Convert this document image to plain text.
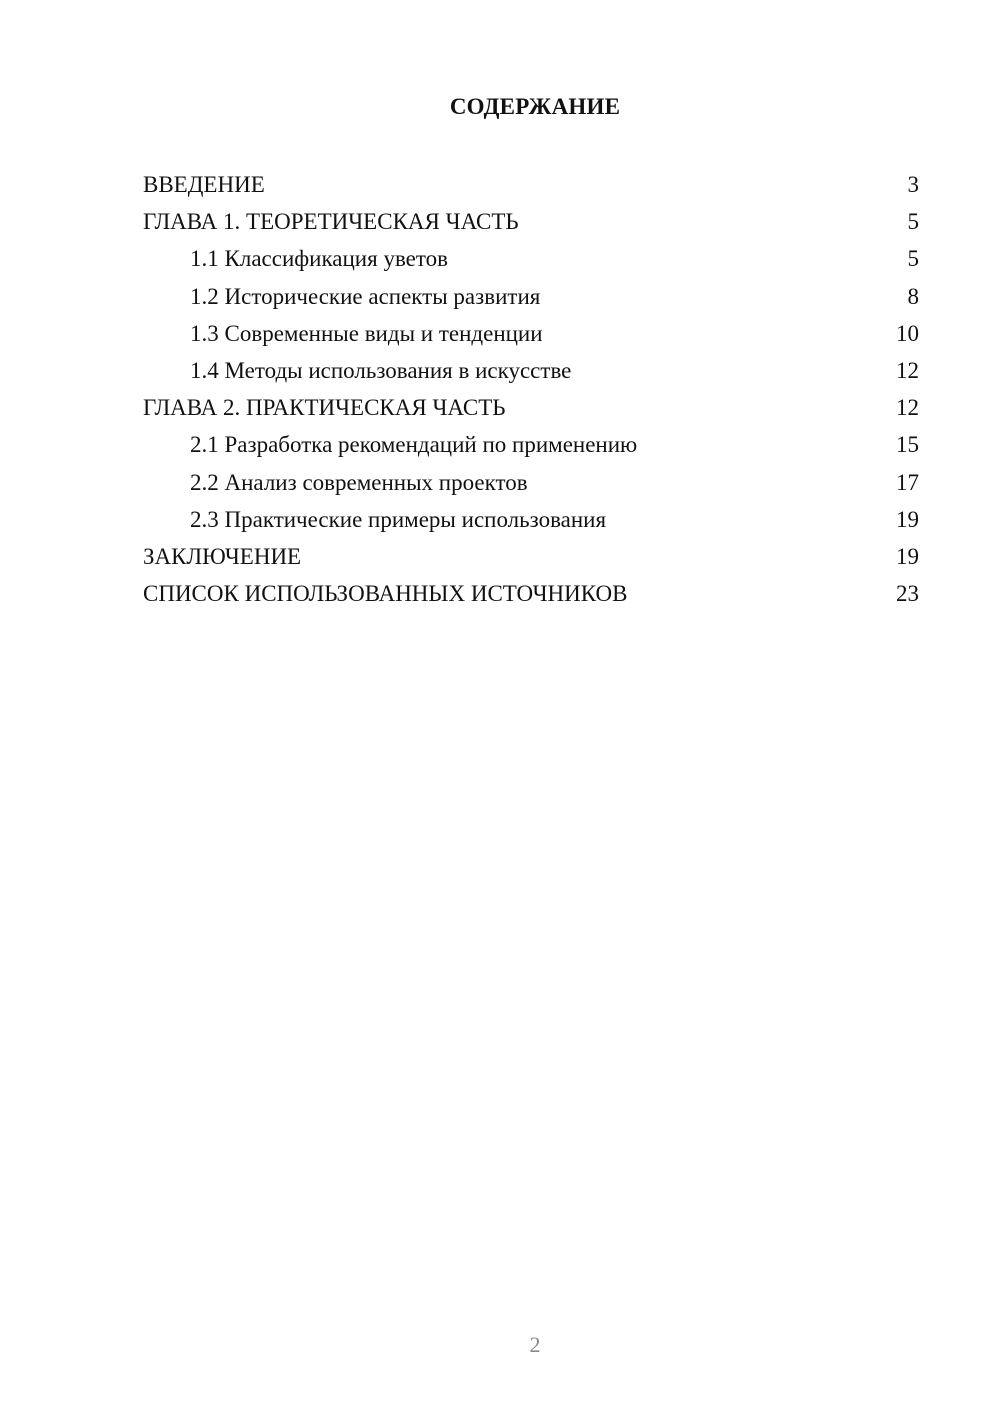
СОДЕРЖАНИЕ
ВВЕДЕНИЕ	3
ГЛАВА 1. ТЕОРЕТИЧЕСКАЯ ЧАСТЬ	5
1.1 Классификация уветов	5
1.2 Исторические аспекты развития	8
1.3 Современные виды и тенденции	10
1.4 Методы использования в искусстве	12
ГЛАВА 2. ПРАКТИЧЕСКАЯ ЧАСТЬ	12
2.1 Разработка рекомендаций по применению	15
2.2 Анализ современных проектов	17
2.3 Практические примеры использования	19
ЗАКЛЮЧЕНИЕ	19
СПИСОК ИСПОЛЬЗОВАННЫХ ИСТОЧНИКОВ	23
2
